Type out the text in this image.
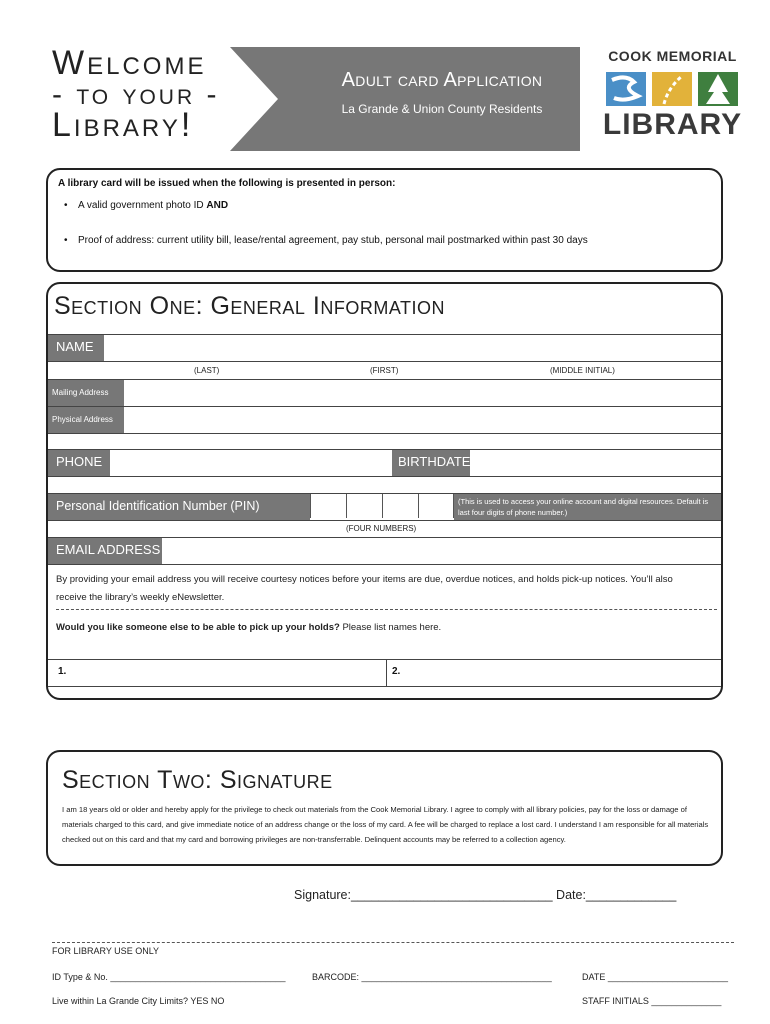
Welcome
- to your -
Library!
Adult card Application
La Grande & Union County Residents
COOK MEMORIAL
LIBRARY
A library card will be issued when the following is presented in person:
• A valid government photo ID AND
• Proof of address: current utility bill, lease/rental agreement, pay stub, personal mail postmarked within past 30 days
Section One: General Information
NAME
(LAST)	(FIRST)	(MIDDLE INITIAL)
Mailing Address
Physical Address
PHONE	BIRTHDATE
Personal Identification Number (PIN)	(This is used to access your online account and digital resources. Default is last four digits of phone number.)
(FOUR NUMBERS)
EMAIL ADDRESS
By providing your email address you will receive courtesy notices before your items are due, overdue notices, and holds pick-up notices. You’ll also receive the library’s weekly eNewsletter.
Would you like someone else to be able to pick up your holds? Please list names here.
1.	2.
Section Two: Signature
I am 18 years old or older and hereby apply for the privilege to check out materials from the Cook Memorial Library. I agree to comply with all library policies, pay for the loss or damage of materials charged to this card, and give immediate notice of an address change or the loss of my card. A fee will be charged to replace a lost card. I understand I am responsible for all materials checked out on this card and that my card and borrowing privileges are non-transferrable. Delinquent accounts may be referred to a collection agency.
Signature:_____________________________ Date:_____________
FOR LIBRARY USE ONLY
ID Type & No. ___________________________________	BARCODE: ______________________________________	DATE ________________________
Live within La Grande City Limits? YES NO	STAFF INITIALS ______________
